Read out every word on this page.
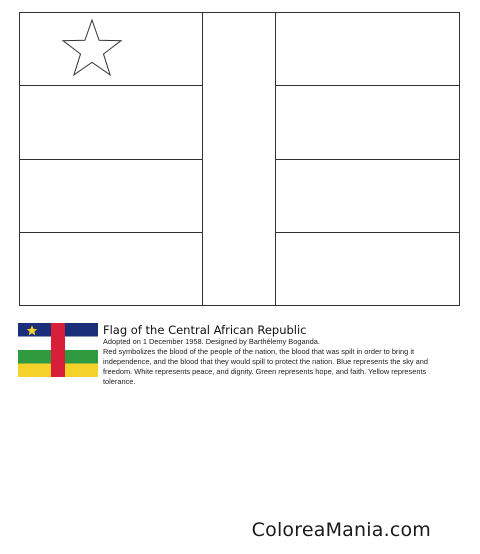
Flag of the Central African Republic

Adopted on 1 December 1958. Designed by Barthélemy Boganda.

Red symbolizes the blood of the people of the nation, the blood that was spilt in order to bring it independence, and the blood that they would spill to protect the nation. Blue represents the sky and freedom. White represents peace, and dignity. Green represents hope, and faith. Yellow represents tolerance.

ColoreaMania.com
